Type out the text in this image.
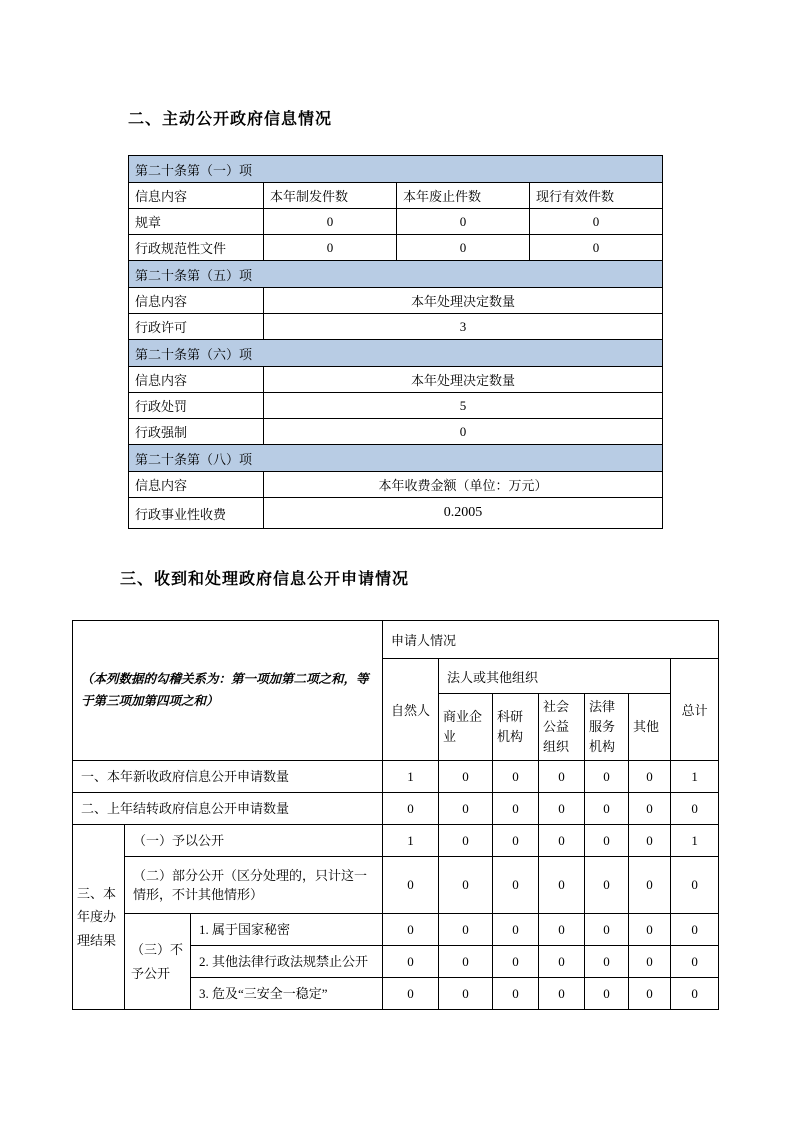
二、主动公开政府信息情况
第二十条第（一）项			
信息内容	本年制发件数	本年废止件数	现行有效件数
规章	0	0	0
行政规范性文件	0	0	0
第二十条第（五）项			
信息内容	本年处理决定数量		
行政许可	3		
第二十条第（六）项			
信息内容	本年处理决定数量		
行政处罚	5		
行政强制	0		
第二十条第（八）项			
信息内容	本年收费金额（单位：万元）		
行政事业性收费	0.2005		
三、收到和处理政府信息公开申请情况
（本列数据的勾稽关系为：第一项加第二项之和，等于第三项加第四项之和）			申请人情况						
			自然人	法人或其他组织					总计
				商业企业	科研机构	社会公益组织	法律服务机构	其他	
一、本年新收政府信息公开申请数量			1	0	0	0	0	0	1
二、上年结转政府信息公开申请数量			0	0	0	0	0	0	0
三、本年度办理结果	（一）予以公开		1	0	0	0	0	0	1
	（二）部分公开（区分处理的，只计这一情形，不计其他情形）		0	0	0	0	0	0	0
	（三）不予公开	1. 属于国家秘密	0	0	0	0	0	0	0
		2. 其他法律行政法规禁止公开	0	0	0	0	0	0	0
		3. 危及“三安全一稳定”	0	0	0	0	0	0	0
